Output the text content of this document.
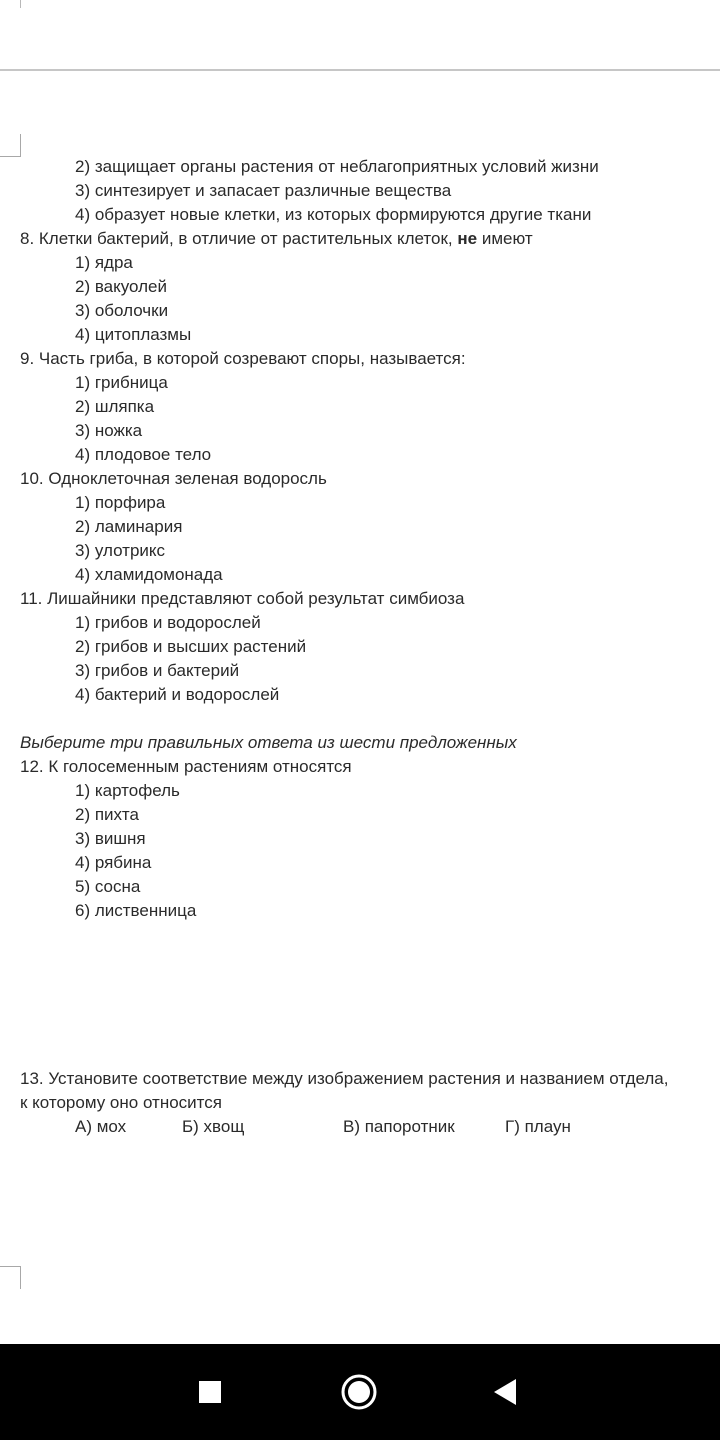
2) защищает органы растения от неблагоприятных условий жизни
3) синтезирует и запасает различные вещества
4) образует новые клетки, из которых формируются другие ткани
8. Клетки бактерий, в отличие от растительных клеток, не имеют
1) ядра
2) вакуолей
3) оболочки
4) цитоплазмы
9. Часть гриба, в которой созревают споры, называется:
1) грибница
2) шляпка
3) ножка
4) плодовое тело
10. Одноклеточная зеленая водоросль
1) порфира
2) ламинария
3) улотрикс
4) хламидомонада
11. Лишайники представляют собой результат симбиоза
1) грибов и водорослей
2) грибов и высших растений
3) грибов и бактерий
4) бактерий и водорослей
Выберите три правильных ответа из шести предложенных
12. К голосеменным растениям относятся
1) картофель
2) пихта
3) вишня
4) рябина
5) сосна
6) лиственница
13. Установите соответствие между изображением растения и названием отдела,
к которому оно относится
А) мох	Б) хвощ	В) папоротник	Г) плаун
